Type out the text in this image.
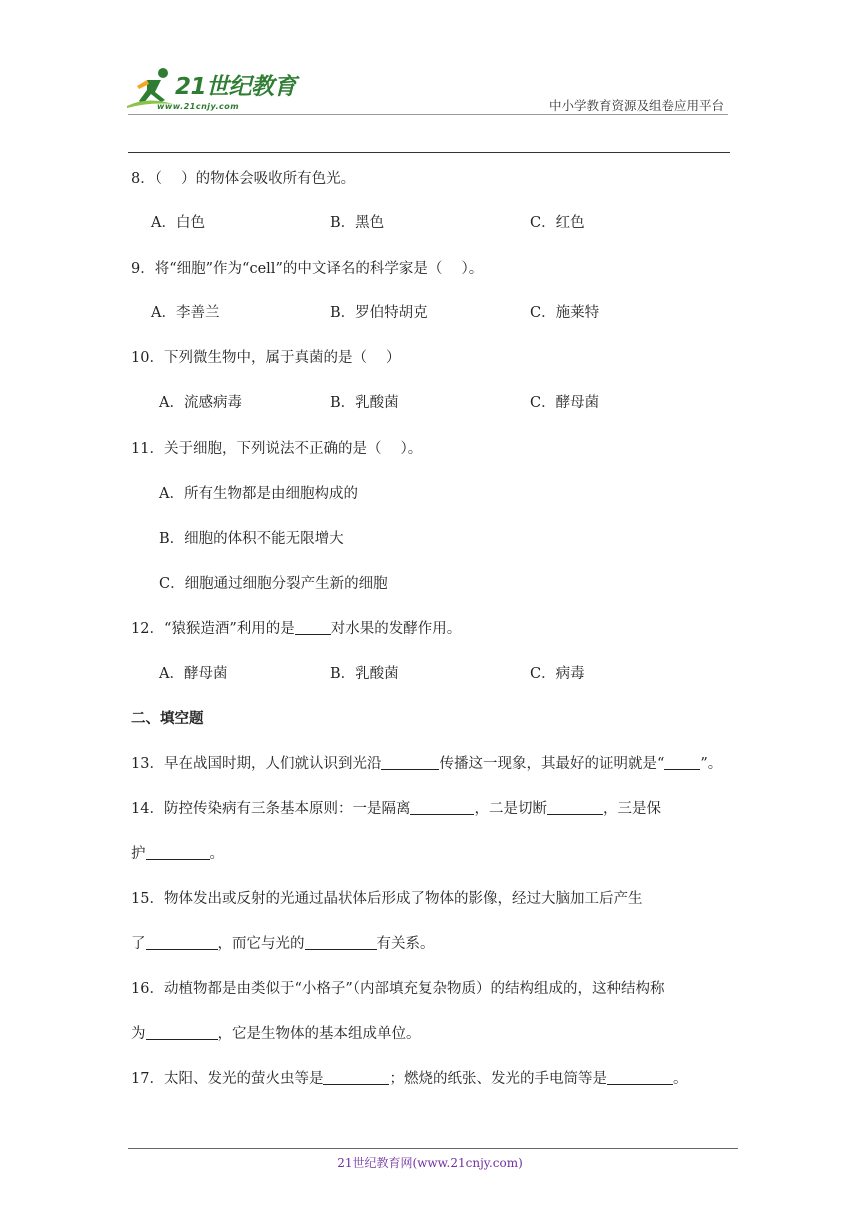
21世纪教育
www.21cnjy.com	中小学教育资源及组卷应用平台
8．（　 ）的物体会吸收所有色光。
A．白色	B．黑色	C．红色
9．将“细胞”作为“cell”的中文译名的科学家是（　 ）。
A．李善兰	B．罗伯特胡克	C．施莱特
10．下列微生物中，属于真菌的是（　 ）
A．流感病毒	B．乳酸菌	C．酵母菌
11．关于细胞，下列说法不正确的是（　 ）。
A．所有生物都是由细胞构成的
B．细胞的体积不能无限增大
C．细胞通过细胞分裂产生新的细胞
12．“猿猴造酒”利用的是 对水果的发酵作用。
A．酵母菌	B．乳酸菌	C．病毒
二、填空题
13．早在战国时期，人们就认识到光沿	传播这一现象，其最好的证明就是“ ”。
14．防控传染病有三条基本原则：一是隔离	，二是切断	，三是保
护	。
15．物体发出或反射的光通过晶状体后形成了物体的影像，经过大脑加工后产生
了	，而它与光的	有关系。
16．动植物都是由类似于“小格子”（内部填充复杂物质）的结构组成的，这种结构称
为	，它是生物体的基本组成单位。
17．太阳、发光的萤火虫等是	；燃烧的纸张、发光的手电筒等是	。
21世纪教育网(www.21cnjy.com)
